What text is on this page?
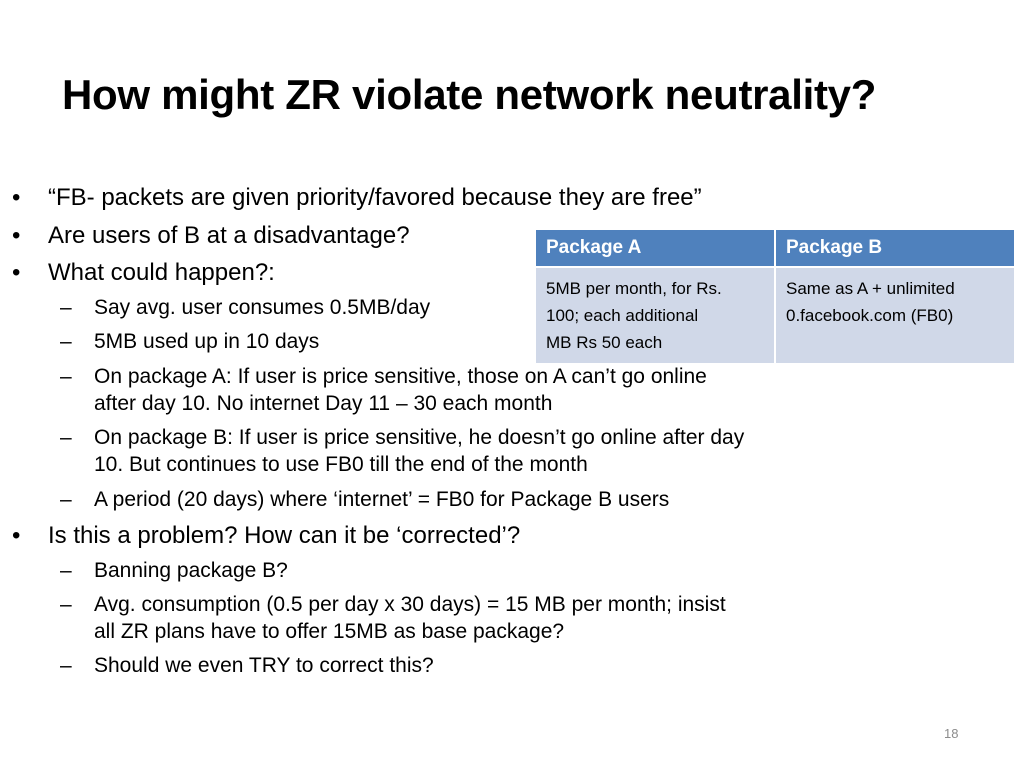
How might ZR violate network neutrality?
• “FB- packets are given priority/favored because they are free”
• Are users of B at a disadvantage?
• What could happen?:
– Say avg. user consumes 0.5MB/day
– 5MB used up in 10 days
– On package A: If user is price sensitive, those on A can’t go online
after day 10. No internet Day 11 – 30 each month
– On package B: If user is price sensitive, he doesn’t go online after day
10. But continues to use FB0 till the end of the month
– A period (20 days) where ‘internet’ = FB0 for Package B users
• Is this a problem? How can it be ‘corrected’?
– Banning package B?
– Avg. consumption (0.5 per day x 30 days) = 15 MB per month; insist
all ZR plans have to offer 15MB as base package?
– Should we even TRY to correct this?
Package A	Package B
5MB per month, for Rs.
100; each additional
MB Rs 50 each	Same as A + unlimited
0.facebook.com (FB0)
18
